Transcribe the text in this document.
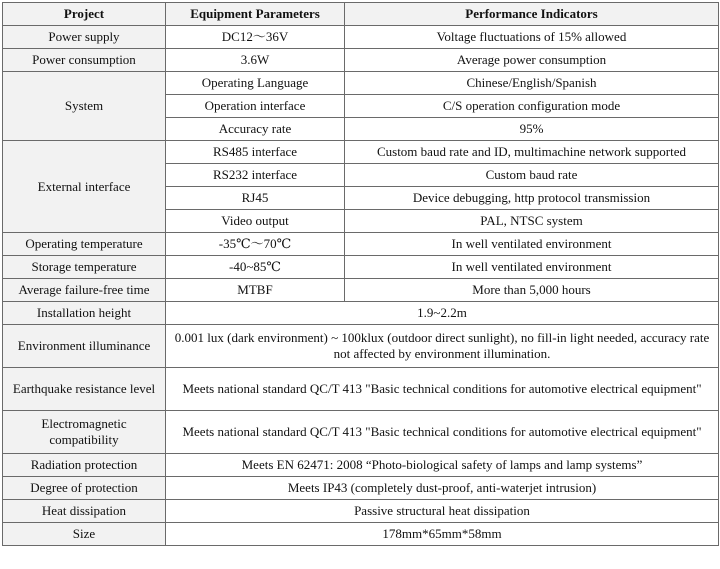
Project	Equipment Parameters	Performance Indicators
Power supply	DC12～36V	Voltage fluctuations of 15% allowed
Power consumption	3.6W	Average power consumption
System	Operating Language	Chinese/English/Spanish
	Operation interface	C/S operation configuration mode
	Accuracy rate	95%
External interface	RS485 interface	Custom baud rate and ID, multimachine network supported
	RS232 interface	Custom baud rate
	RJ45	Device debugging, http protocol transmission
	Video output	PAL, NTSC system
Operating temperature	-35℃～70℃	In well ventilated environment
Storage temperature	-40~85℃	In well ventilated environment
Average failure-free time	MTBF	More than 5,000 hours
Installation height	1.9~2.2m	
Environment illuminance	0.001 lux (dark environment) ~ 100klux (outdoor direct sunlight), no fill-in light needed, accuracy rate not affected by environment illumination.	
Earthquake resistance level	Meets national standard QC/T 413 "Basic technical conditions for automotive electrical equipment"	
Electromagnetic compatibility	Meets national standard QC/T 413 "Basic technical conditions for automotive electrical equipment"	
Radiation protection	Meets EN 62471: 2008 “Photo-biological safety of lamps and lamp systems”	
Degree of protection	Meets IP43 (completely dust-proof, anti-waterjet intrusion)	
Heat dissipation	Passive structural heat dissipation	
Size	178mm*65mm*58mm	
